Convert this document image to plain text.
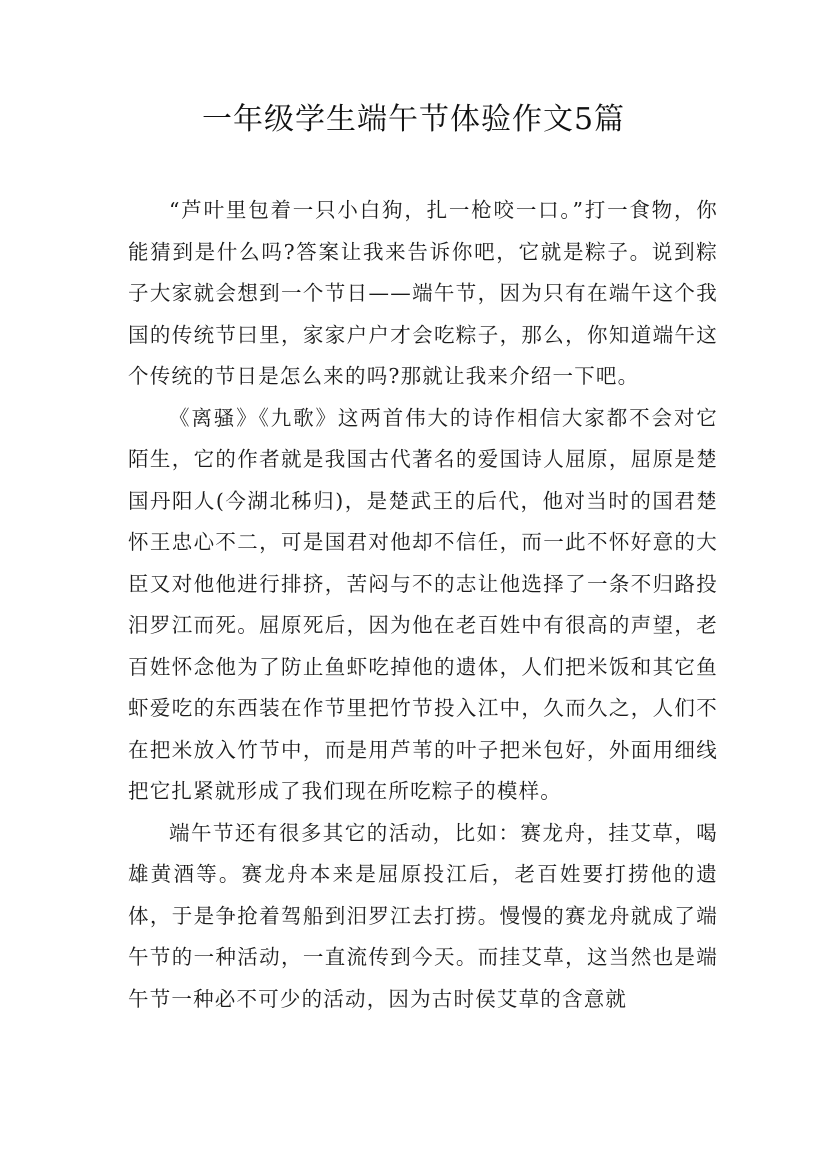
一年级学生端午节体验作文5篇

“芦叶里包着一只小白狗，扎一枪咬一口。”打一食物，你能猜到是什么吗?答案让我来告诉你吧，它就是粽子。说到粽子大家就会想到一个节日——端午节，因为只有在端午这个我国的传统节曰里，家家户户才会吃粽子，那么，你知道端午这个传统的节日是怎么来的吗?那就让我来介绍一下吧。

《离骚》《九歌》这两首伟大的诗作相信大家都不会对它陌生，它的作者就是我国古代著名的爱国诗人屈原，屈原是楚国丹阳人(今湖北秭归)，是楚武王的后代，他对当时的国君楚怀王忠心不二，可是国君对他却不信任，而一此不怀好意的大臣又对他他进行排挤，苦闷与不的志让他选择了一条不归路投汨罗江而死。屈原死后，因为他在老百姓中有很高的声望，老百姓怀念他为了防止鱼虾吃掉他的遗体，人们把米饭和其它鱼虾爱吃的东西装在作节里把竹节投入江中，久而久之，人们不在把米放入竹节中，而是用芦苇的叶子把米包好，外面用细线把它扎紧就形成了我们现在所吃粽子的模样。

端午节还有很多其它的活动，比如：赛龙舟，挂艾草，喝雄黄酒等。赛龙舟本来是屈原投江后，老百姓要打捞他的遗体，于是争抢着驾船到汨罗江去打捞。慢慢的赛龙舟就成了端午节的一种活动，一直流传到今天。而挂艾草，这当然也是端午节一种必不可少的活动，因为古时侯艾草的含意就
